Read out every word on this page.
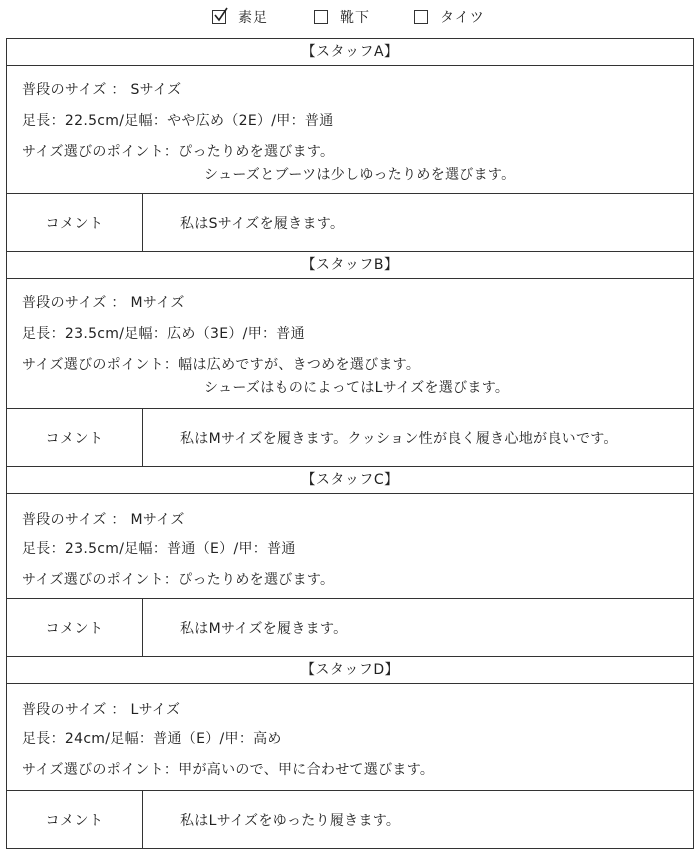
素足	靴下	タイツ
【スタッフA】
普段のサイズ ： Sサイズ
足長：22.5cm/足幅：やや広め（2E）/甲：普通
サイズ選びのポイント：ぴったりめを選びます。
シューズとブーツは少しゆったりめを選びます。
コメント	私はSサイズを履きます。
【スタッフB】
普段のサイズ ： Mサイズ
足長：23.5cm/足幅：広め（3E）/甲：普通
サイズ選びのポイント：幅は広めですが、きつめを選びます。
シューズはものによってはLサイズを選びます。
コメント	私はMサイズを履きます。クッション性が良く履き心地が良いです。
【スタッフC】
普段のサイズ ： Mサイズ
足長：23.5cm/足幅：普通（E）/甲：普通
サイズ選びのポイント：ぴったりめを選びます。
コメント	私はMサイズを履きます。
【スタッフD】
普段のサイズ ： Lサイズ
足長：24cm/足幅：普通（E）/甲：高め
サイズ選びのポイント：甲が高いので、甲に合わせて選びます。
コメント	私はLサイズをゆったり履きます。
